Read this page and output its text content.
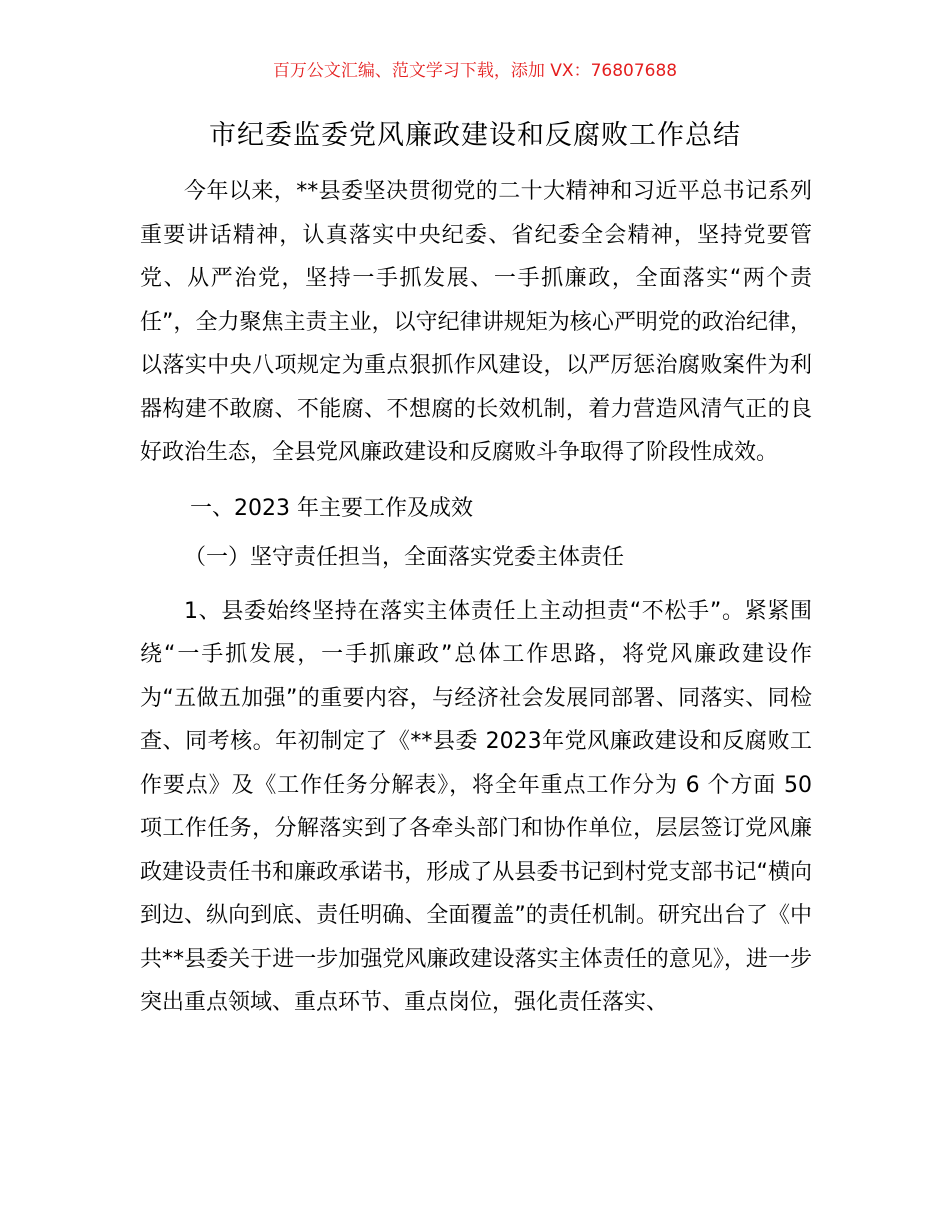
百万公文汇编、范文学习下载，添加 VX：76807688
市纪委监委党风廉政建设和反腐败工作总结

今年以来，**县委坚决贯彻党的二十大精神和习近平总书记系列重要讲话精神，认真落实中央纪委、省纪委全会精神，坚持党要管党、从严治党，坚持一手抓发展、一手抓廉政，全面落实“两个责任”，全力聚焦主责主业，以守纪律讲规矩为核心严明党的政治纪律，以落实中央八项规定为重点狠抓作风建设，以严厉惩治腐败案件为利器构建不敢腐、不能腐、不想腐的长效机制，着力营造风清气正的良好政治生态，全县党风廉政建设和反腐败斗争取得了阶段性成效。

一、2023 年主要工作及成效

（一）坚守责任担当，全面落实党委主体责任

1、县委始终坚持在落实主体责任上主动担责“不松手”。紧紧围绕“一手抓发展，一手抓廉政”总体工作思路，将党风廉政建设作为“五做五加强”的重要内容，与经济社会发展同部署、同落实、同检查、同考核。年初制定了《**县委 2023年党风廉政建设和反腐败工作要点》及《工作任务分解表》，将全年重点工作分为 6 个方面 50 项工作任务，分解落实到了各牵头部门和协作单位，层层签订党风廉政建设责任书和廉政承诺书，形成了从县委书记到村党支部书记“横向到边、纵向到底、责任明确、全面覆盖”的责任机制。研究出台了《中共**县委关于进一步加强党风廉政建设落实主体责任的意见》，进一步突出重点领域、重点环节、重点岗位，强化责任落实、
